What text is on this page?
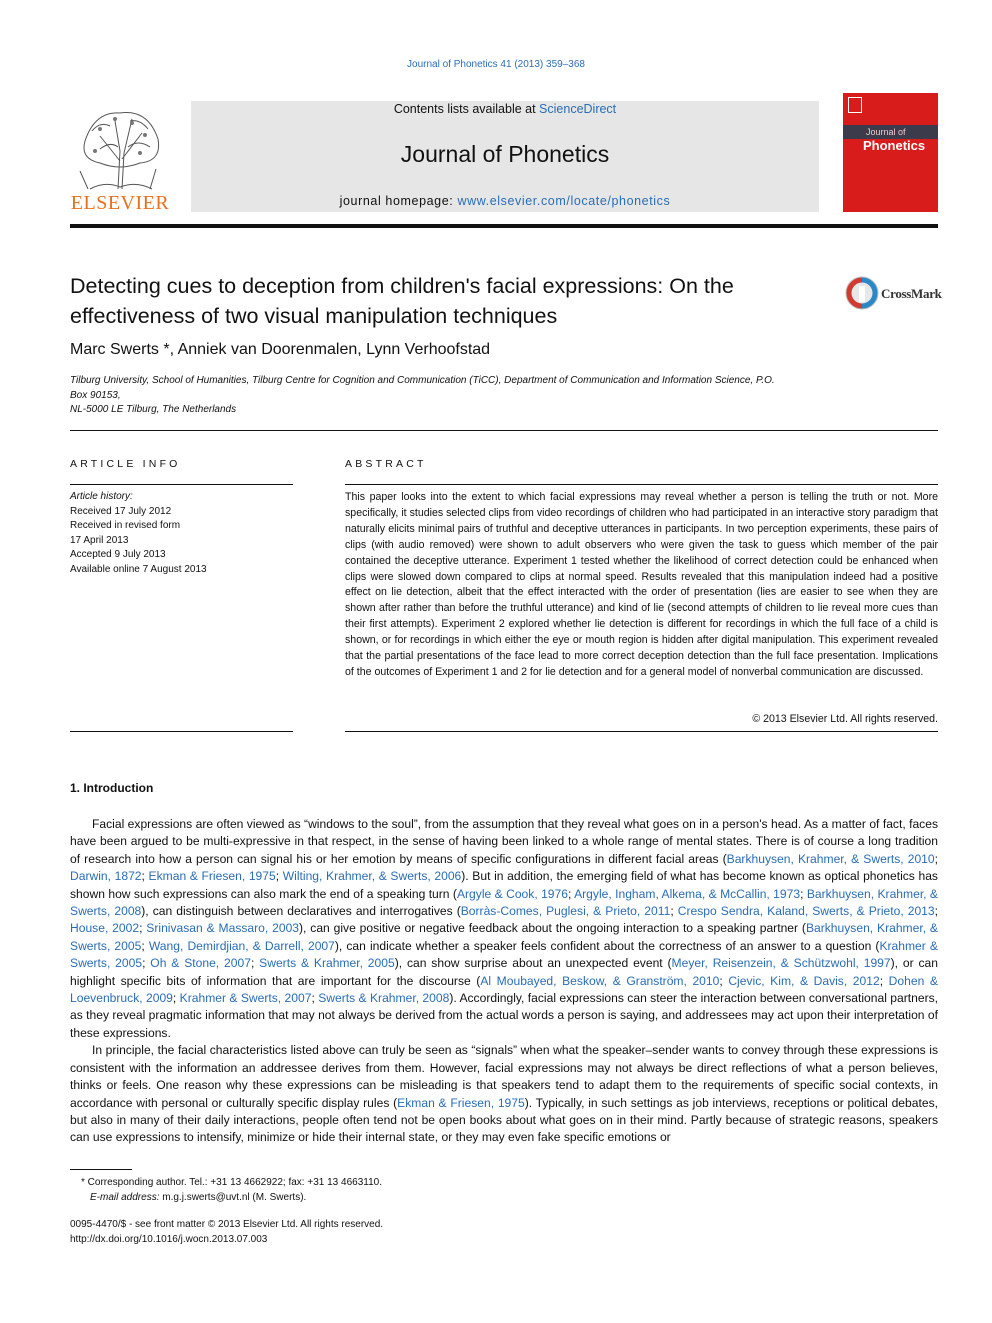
Journal of Phonetics 41 (2013) 359–368
ELSEVIER
Contents lists available at ScienceDirect
Journal of Phonetics
journal homepage: www.elsevier.com/locate/phonetics
Journal of
Phonetics
Detecting cues to deception from children's facial expressions: On the effectiveness of two visual manipulation techniques
CrossMark
Marc Swerts *, Anniek van Doorenmalen, Lynn Verhoofstad
Tilburg University, School of Humanities, Tilburg Centre for Cognition and Communication (TiCC), Department of Communication and Information Science, P.O.
Box 90153,
NL-5000 LE Tilburg, The Netherlands
ARTICLE INFO	ABSTRACT
Article history:
Received 17 July 2012
Received in revised form
17 April 2013
Accepted 9 July 2013
Available online 7 August 2013
This paper looks into the extent to which facial expressions may reveal whether a person is telling the truth or not. More specifically, it studies selected clips from video recordings of children who had participated in an interactive story paradigm that naturally elicits minimal pairs of truthful and deceptive utterances in participants. In two perception experiments, these pairs of clips (with audio removed) were shown to adult observers who were given the task to guess which member of the pair contained the deceptive utterance. Experiment 1 tested whether the likelihood of correct detection could be enhanced when clips were slowed down compared to clips at normal speed. Results revealed that this manipulation indeed had a positive effect on lie detection, albeit that the effect interacted with the order of presentation (lies are easier to see when they are shown after rather than before the truthful utterance) and kind of lie (second attempts of children to lie reveal more cues than their first attempts). Experiment 2 explored whether lie detection is different for recordings in which the full face of a child is shown, or for recordings in which either the eye or mouth region is hidden after digital manipulation. This experiment revealed that the partial presentations of the face lead to more correct deception detection than the full face presentation. Implications of the outcomes of Experiment 1 and 2 for lie detection and for a general model of nonverbal communication are discussed.
© 2013 Elsevier Ltd. All rights reserved.
1. Introduction

Facial expressions are often viewed as “windows to the soul”, from the assumption that they reveal what goes on in a person's head. As a matter of fact, faces have been argued to be multi-expressive in that respect, in the sense of having been linked to a whole range of mental states. There is of course a long tradition of research into how a person can signal his or her emotion by means of specific configurations in different facial areas (Barkhuysen, Krahmer, & Swerts, 2010; Darwin, 1872; Ekman & Friesen, 1975; Wilting, Krahmer, & Swerts, 2006). But in addition, the emerging field of what has become known as optical phonetics has shown how such expressions can also mark the end of a speaking turn (Argyle & Cook, 1976; Argyle, Ingham, Alkema, & McCallin, 1973; Barkhuysen, Krahmer, & Swerts, 2008), can distinguish between declaratives and interrogatives (Borràs-Comes, Puglesi, & Prieto, 2011; Crespo Sendra, Kaland, Swerts, & Prieto, 2013; House, 2002; Srinivasan & Massaro, 2003), can give positive or negative feedback about the ongoing interaction to a speaking partner (Barkhuysen, Krahmer, & Swerts, 2005; Wang, Demirdjian, & Darrell, 2007), can indicate whether a speaker feels confident about the correctness of an answer to a question (Krahmer & Swerts, 2005; Oh & Stone, 2007; Swerts & Krahmer, 2005), can show surprise about an unexpected event (Meyer, Reisenzein, & Schützwohl, 1997), or can highlight specific bits of information that are important for the discourse (Al Moubayed, Beskow, & Granström, 2010; Cjevic, Kim, & Davis, 2012; Dohen & Loevenbruck, 2009; Krahmer & Swerts, 2007; Swerts & Krahmer, 2008). Accordingly, facial expressions can steer the interaction between conversational partners, as they reveal pragmatic information that may not always be derived from the actual words a person is saying, and addressees may act upon their interpretation of these expressions.

In principle, the facial characteristics listed above can truly be seen as “signals” when what the speaker–sender wants to convey through these expressions is consistent with the information an addressee derives from them. However, facial expressions may not always be direct reflections of what a person believes, thinks or feels. One reason why these expressions can be misleading is that speakers tend to adapt them to the requirements of specific social contexts, in accordance with personal or culturally specific display rules (Ekman & Friesen, 1975). Typically, in such settings as job interviews, receptions or political debates, but also in many of their daily interactions, people often tend not be open books about what goes on in their mind. Partly because of strategic reasons, speakers can use expressions to intensify, minimize or hide their internal state, or they may even fake specific emotions or

* Corresponding author. Tel.: +31 13 4662922; fax: +31 13 4663110.
E-mail address: m.g.j.swerts@uvt.nl (M. Swerts).
0095-4470/$ - see front matter © 2013 Elsevier Ltd. All rights reserved.
http://dx.doi.org/10.1016/j.wocn.2013.07.003
